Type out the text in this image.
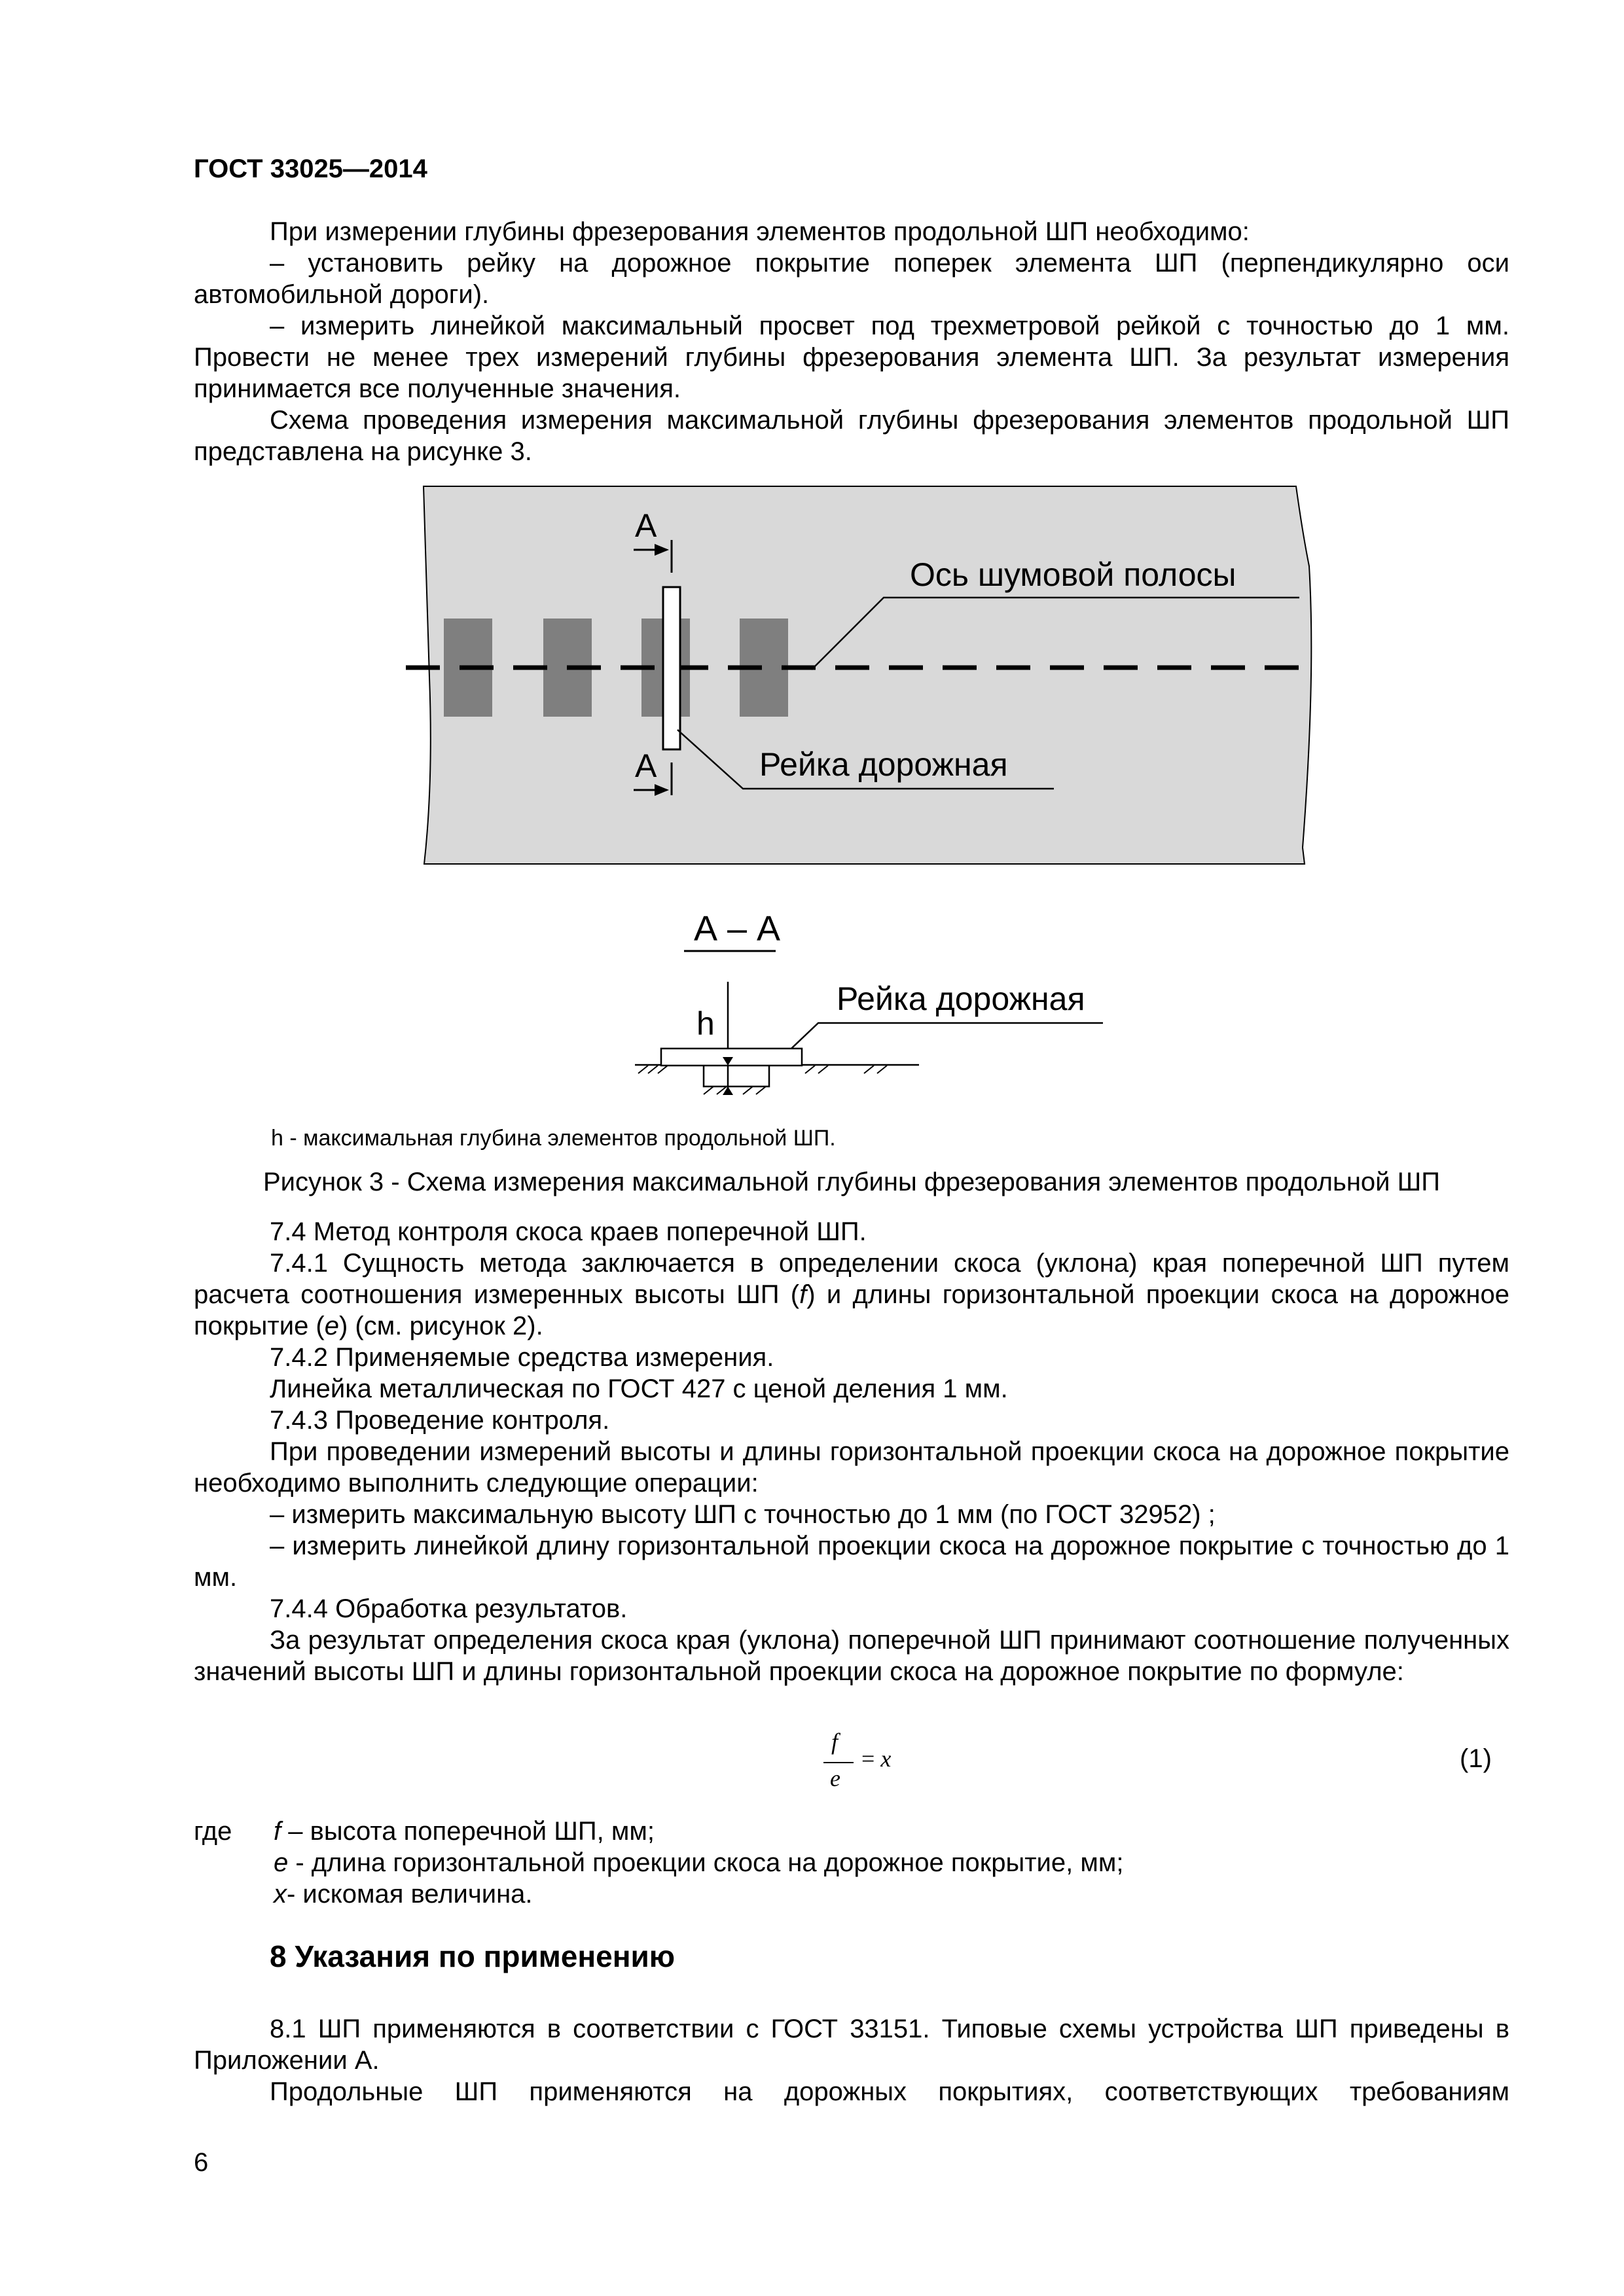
ГОСТ 33025—2014

При измерении глубины фрезерования элементов продольной ШП необходимо:

– установить рейку на дорожное покрытие поперек элемента ШП (перпендикулярно оси автомобильной дороги).

– измерить линейкой максимальный просвет под трехметровой рейкой с точностью до 1 мм. Провести не менее трех измерений глубины фрезерования элемента ШП. За результат измерения принимается все полученные значения.

Схема проведения измерения максимальной глубины фрезерования элементов продольной ШП представлена на рисунке 3.

А
А
Ось шумовой полосы
Рейка дорожная
А – А
Рейка дорожная
h
h - максимальная глубина элементов продольной ШП.
Рисунок 3 - Схема измерения максимальной глубины фрезерования элементов продольной ШП

7.4 Метод контроля скоса краев поперечной ШП.

7.4.1 Сущность метода заключается в определении скоса (уклона) края поперечной ШП путем расчета соотношения измеренных высоты ШП (f) и длины горизонтальной проекции скоса на дорожное покрытие (е) (см. рисунок 2).

7.4.2 Применяемые средства измерения.

Линейка металлическая по ГОСТ 427 с ценой деления 1 мм.

7.4.3 Проведение контроля.

При проведении измерений высоты и длины горизонтальной проекции скоса на дорожное покрытие необходимо выполнить следующие операции:

– измерить максимальную высоту ШП с точностью до 1 мм (по ГОСТ 32952) ;

– измерить линейкой длину горизонтальной проекции скоса на дорожное покрытие с точностью до 1 мм.

7.4.4 Обработка результатов.

За результат определения скоса края (уклона) поперечной ШП принимают соотношение полученных значений высоты ШП и длины горизонтальной проекции скоса на дорожное покрытие по формуле:

f
e
= x	(1)
где f – высота поперечной ШП, мм;
е - длина горизонтальной проекции скоса на дорожное покрытие, мм;
х- искомая величина.
8 Указания по применению

8.1 ШП применяются в соответствии с ГОСТ 33151. Типовые схемы устройства ШП приведены в Приложении А.

Продольные ШП применяются на дорожных покрытиях, соответствующих требованиям

6
